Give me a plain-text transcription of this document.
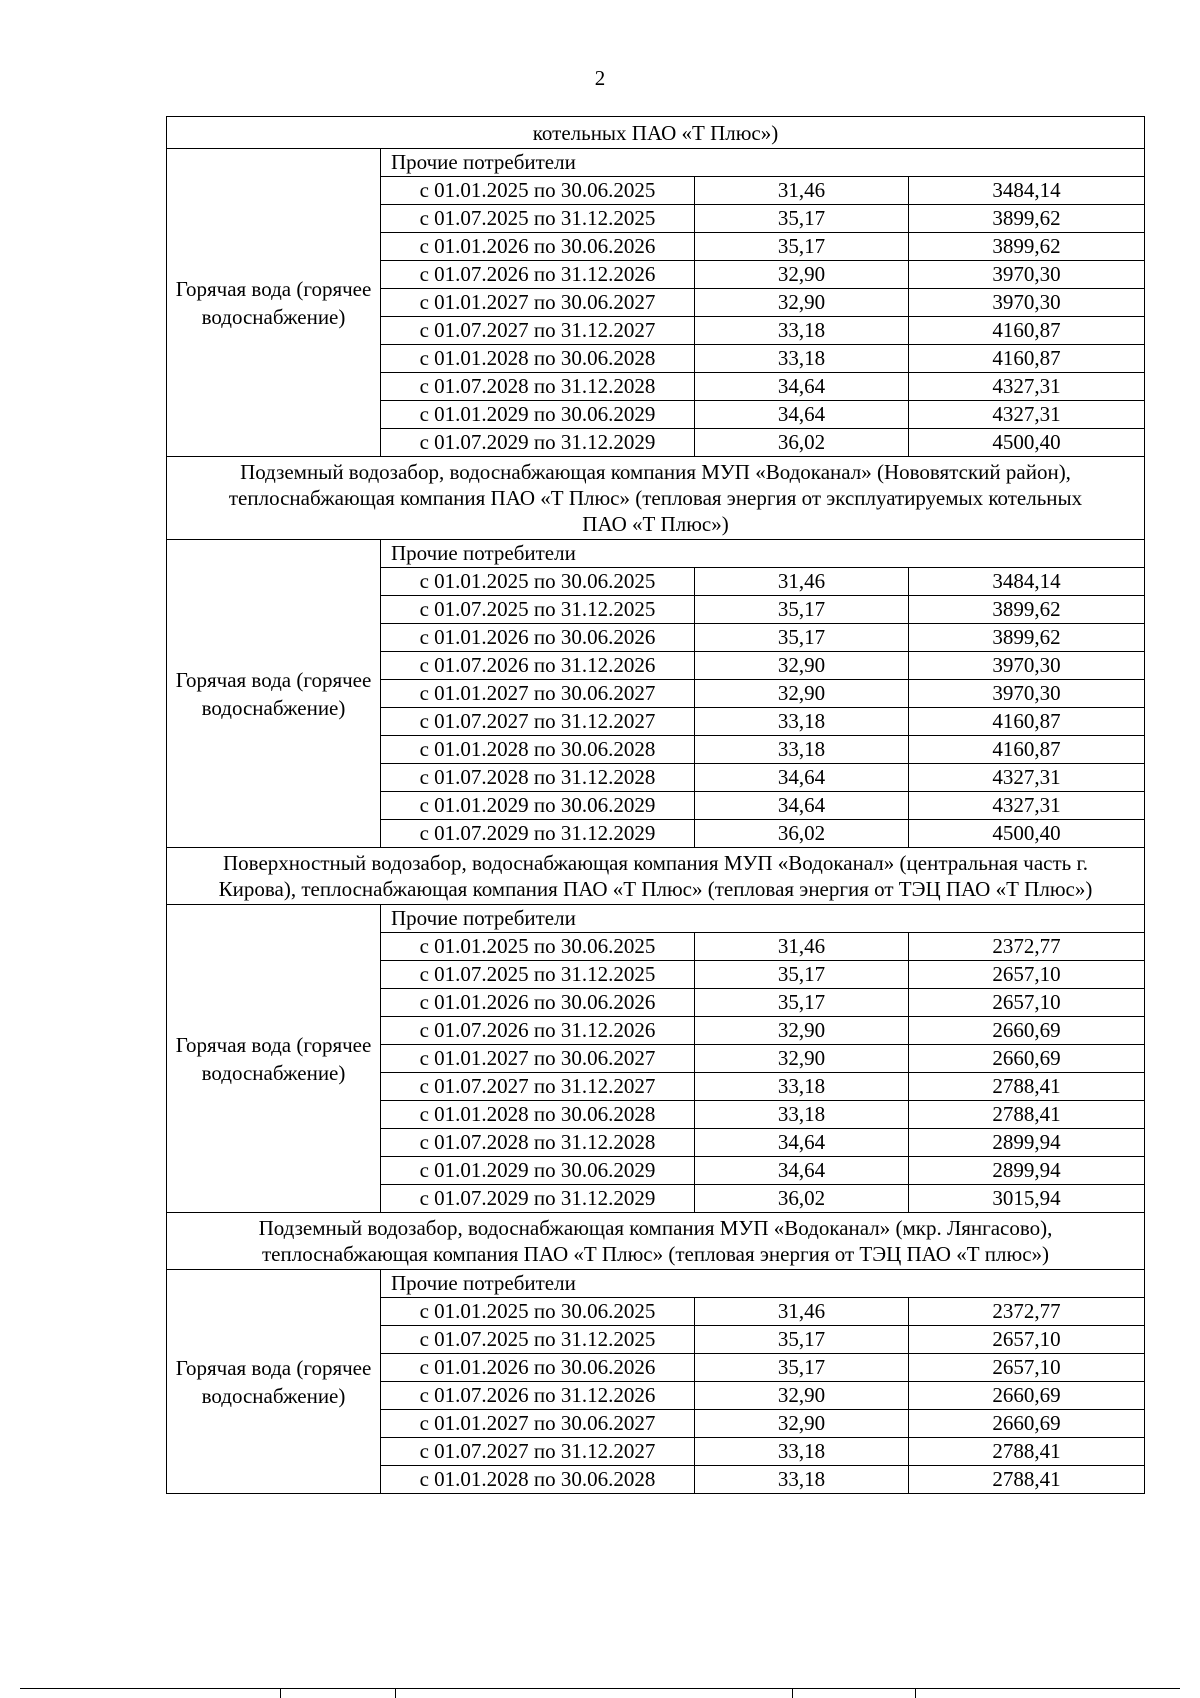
2
котельных ПАО «Т Плюс»)			
Горячая вода (горячее водоснабжение)	Прочие потребители		
	с 01.01.2025 по 30.06.2025	31,46	3484,14
	с 01.07.2025 по 31.12.2025	35,17	3899,62
	с 01.01.2026 по 30.06.2026	35,17	3899,62
	с 01.07.2026 по 31.12.2026	32,90	3970,30
	с 01.01.2027 по 30.06.2027	32,90	3970,30
	с 01.07.2027 по 31.12.2027	33,18	4160,87
	с 01.01.2028 по 30.06.2028	33,18	4160,87
	с 01.07.2028 по 31.12.2028	34,64	4327,31
	с 01.01.2029 по 30.06.2029	34,64	4327,31
	с 01.07.2029 по 31.12.2029	36,02	4500,40
Подземный водозабор, водоснабжающая компания МУП «Водоканал» (Нововятский район), теплоснабжающая компания ПАО «Т Плюс» (тепловая энергия от эксплуатируемых котельных ПАО «Т Плюс»)			
Горячая вода (горячее водоснабжение)	Прочие потребители		
	с 01.01.2025 по 30.06.2025	31,46	3484,14
	с 01.07.2025 по 31.12.2025	35,17	3899,62
	с 01.01.2026 по 30.06.2026	35,17	3899,62
	с 01.07.2026 по 31.12.2026	32,90	3970,30
	с 01.01.2027 по 30.06.2027	32,90	3970,30
	с 01.07.2027 по 31.12.2027	33,18	4160,87
	с 01.01.2028 по 30.06.2028	33,18	4160,87
	с 01.07.2028 по 31.12.2028	34,64	4327,31
	с 01.01.2029 по 30.06.2029	34,64	4327,31
	с 01.07.2029 по 31.12.2029	36,02	4500,40
Поверхностный водозабор, водоснабжающая компания МУП «Водоканал» (центральная часть г. Кирова), теплоснабжающая компания ПАО «Т Плюс» (тепловая энергия от ТЭЦ ПАО «Т Плюс»)			
Горячая вода (горячее водоснабжение)	Прочие потребители		
	с 01.01.2025 по 30.06.2025	31,46	2372,77
	с 01.07.2025 по 31.12.2025	35,17	2657,10
	с 01.01.2026 по 30.06.2026	35,17	2657,10
	с 01.07.2026 по 31.12.2026	32,90	2660,69
	с 01.01.2027 по 30.06.2027	32,90	2660,69
	с 01.07.2027 по 31.12.2027	33,18	2788,41
	с 01.01.2028 по 30.06.2028	33,18	2788,41
	с 01.07.2028 по 31.12.2028	34,64	2899,94
	с 01.01.2029 по 30.06.2029	34,64	2899,94
	с 01.07.2029 по 31.12.2029	36,02	3015,94
Подземный водозабор, водоснабжающая компания МУП «Водоканал» (мкр. Лянгасово), теплоснабжающая компания ПАО «Т Плюс» (тепловая энергия от ТЭЦ ПАО «Т плюс»)			
Горячая вода (горячее водоснабжение)	Прочие потребители		
	с 01.01.2025 по 30.06.2025	31,46	2372,77
	с 01.07.2025 по 31.12.2025	35,17	2657,10
	с 01.01.2026 по 30.06.2026	35,17	2657,10
	с 01.07.2026 по 31.12.2026	32,90	2660,69
	с 01.01.2027 по 30.06.2027	32,90	2660,69
	с 01.07.2027 по 31.12.2027	33,18	2788,41
	с 01.01.2028 по 30.06.2028	33,18	2788,41
